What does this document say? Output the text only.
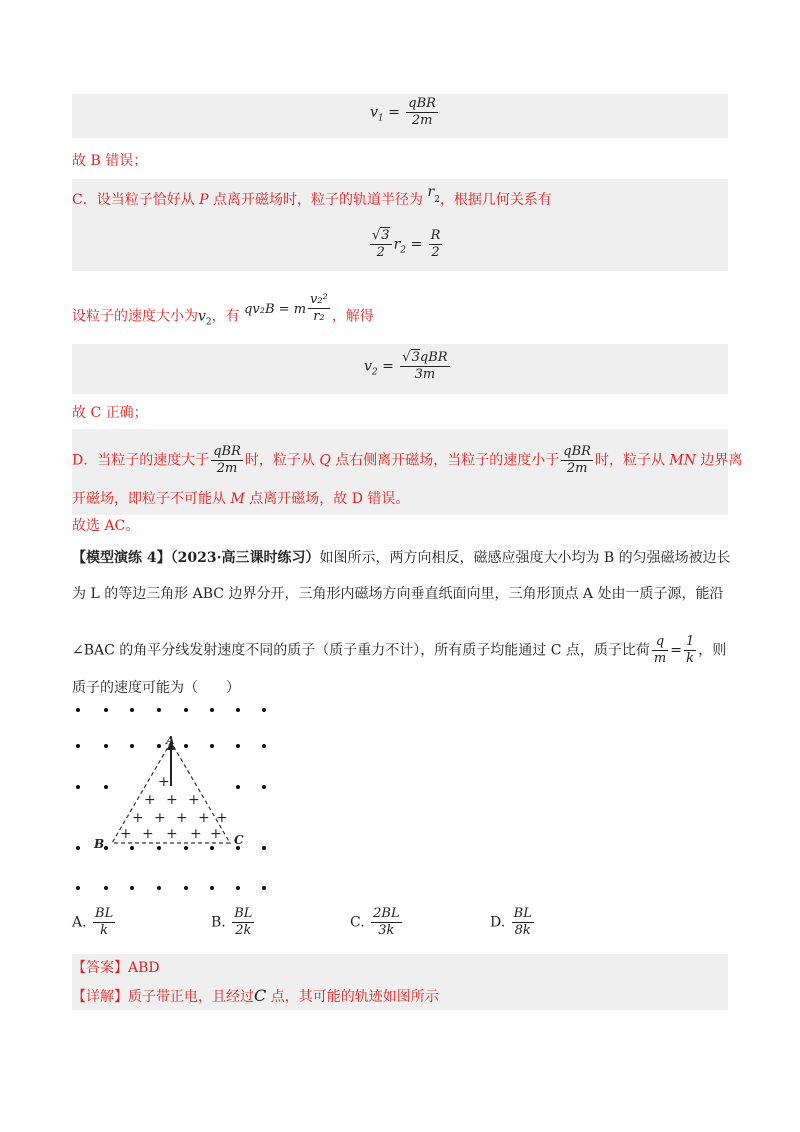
$v_1 = \frac{\text{qBR}}{2m}$
故 B 错误；
C．设当粒子恰好从 P 点离开磁场时，粒子的轨道半径为 $r_2$，根据几何关系有
$\frac{√3}{2} r_2 = \frac{R}{2}$
设粒子的速度大小为$v_2$，有 qv₂B = m $\frac{\text{v₂²}}{\text{r₂}}$ ，解得
$v_2 = \frac{\text{√3qBR}}{3m}$
故 C 正确；
D．当粒子的速度大于 $\frac{\text{qBR}}{2m}$ 时，粒子从 Q 点右侧离开磁场，当粒子的速度小于 $\frac{\text{qBR}}{2m}$ 时，粒子从 MN 边界离
开磁场，即粒子不可能从 M 点离开磁场，故 D 错误。
故选 AC。
【模型演练 4】（2023·高三课时练习）如图所示，两方向相反，磁感应强度大小均为 B 的匀强磁场被边长
为 L 的等边三角形 ABC 边界分开，三角形内磁场方向垂直纸面向里，三角形顶点 A 处由一质子源，能沿
∠BAC 的角平分线发射速度不同的质子（质子重力不计），所有质子均能通过 C 点，质子比荷 $\frac{q}{m} = \frac{1}{k}$ ，则
质子的速度可能为（　　）
+
+ + +
+ + + + +
+ + + + +
A
B	C
A. $\frac{BL}{k}$	B. $\frac{BL}{2k}$	C. $\frac{2BL}{3k}$	D. $\frac{BL}{8k}$
【答案】ABD
【详解】质子带正电，且经过C 点，其可能的轨迹如图所示
